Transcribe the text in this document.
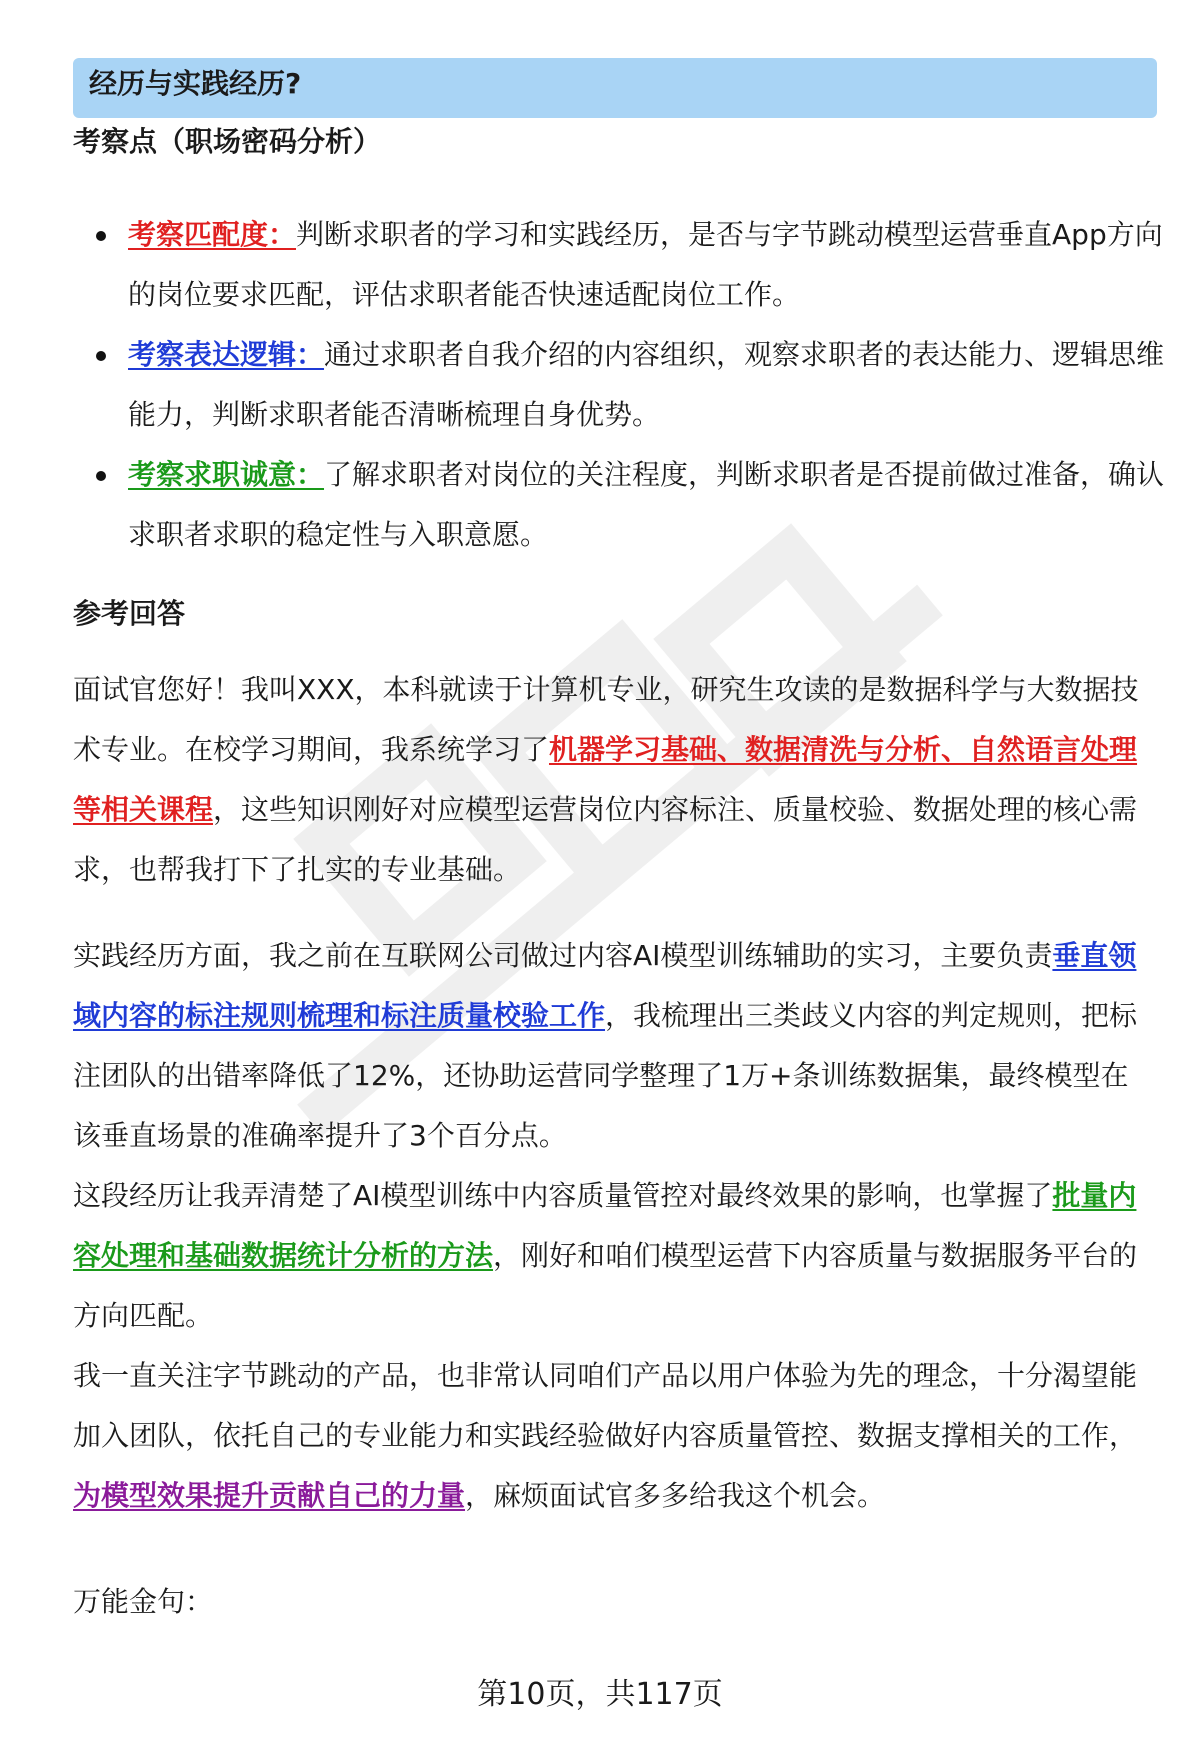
经历与实践经历?
考察点（职场密码分析）
考察匹配度：判断求职者的学习和实践经历，是否与字节跳动模型运营垂直App方向的岗位要求匹配，评估求职者能否快速适配岗位工作。
考察表达逻辑：通过求职者自我介绍的内容组织，观察求职者的表达能力、逻辑思维能力，判断求职者能否清晰梳理自身优势。
考察求职诚意：了解求职者对岗位的关注程度，判断求职者是否提前做过准备，确认求职者求职的稳定性与入职意愿。
参考回答

面试官您好！我叫XXX，本科就读于计算机专业，研究生攻读的是数据科学与大数据技术专业。在校学习期间，我系统学习了机器学习基础、数据清洗与分析、自然语言处理等相关课程，这些知识刚好对应模型运营岗位内容标注、质量校验、数据处理的核心需求，也帮我打下了扎实的专业基础。

实践经历方面，我之前在互联网公司做过内容AI模型训练辅助的实习，主要负责垂直领域内容的标注规则梳理和标注质量校验工作，我梳理出三类歧义内容的判定规则，把标注团队的出错率降低了12%，还协助运营同学整理了1万+条训练数据集，最终模型在该垂直场景的准确率提升了3个百分点。

这段经历让我弄清楚了AI模型训练中内容质量管控对最终效果的影响，也掌握了批量内容处理和基础数据统计分析的方法，刚好和咱们模型运营下内容质量与数据服务平台的方向匹配。

我一直关注字节跳动的产品，也非常认同咱们产品以用户体验为先的理念，十分渴望能加入团队，依托自己的专业能力和实践经验做好内容质量管控、数据支撑相关的工作，为模型效果提升贡献自己的力量，麻烦面试官多多给我这个机会。

万能金句：

第10页，共117页
